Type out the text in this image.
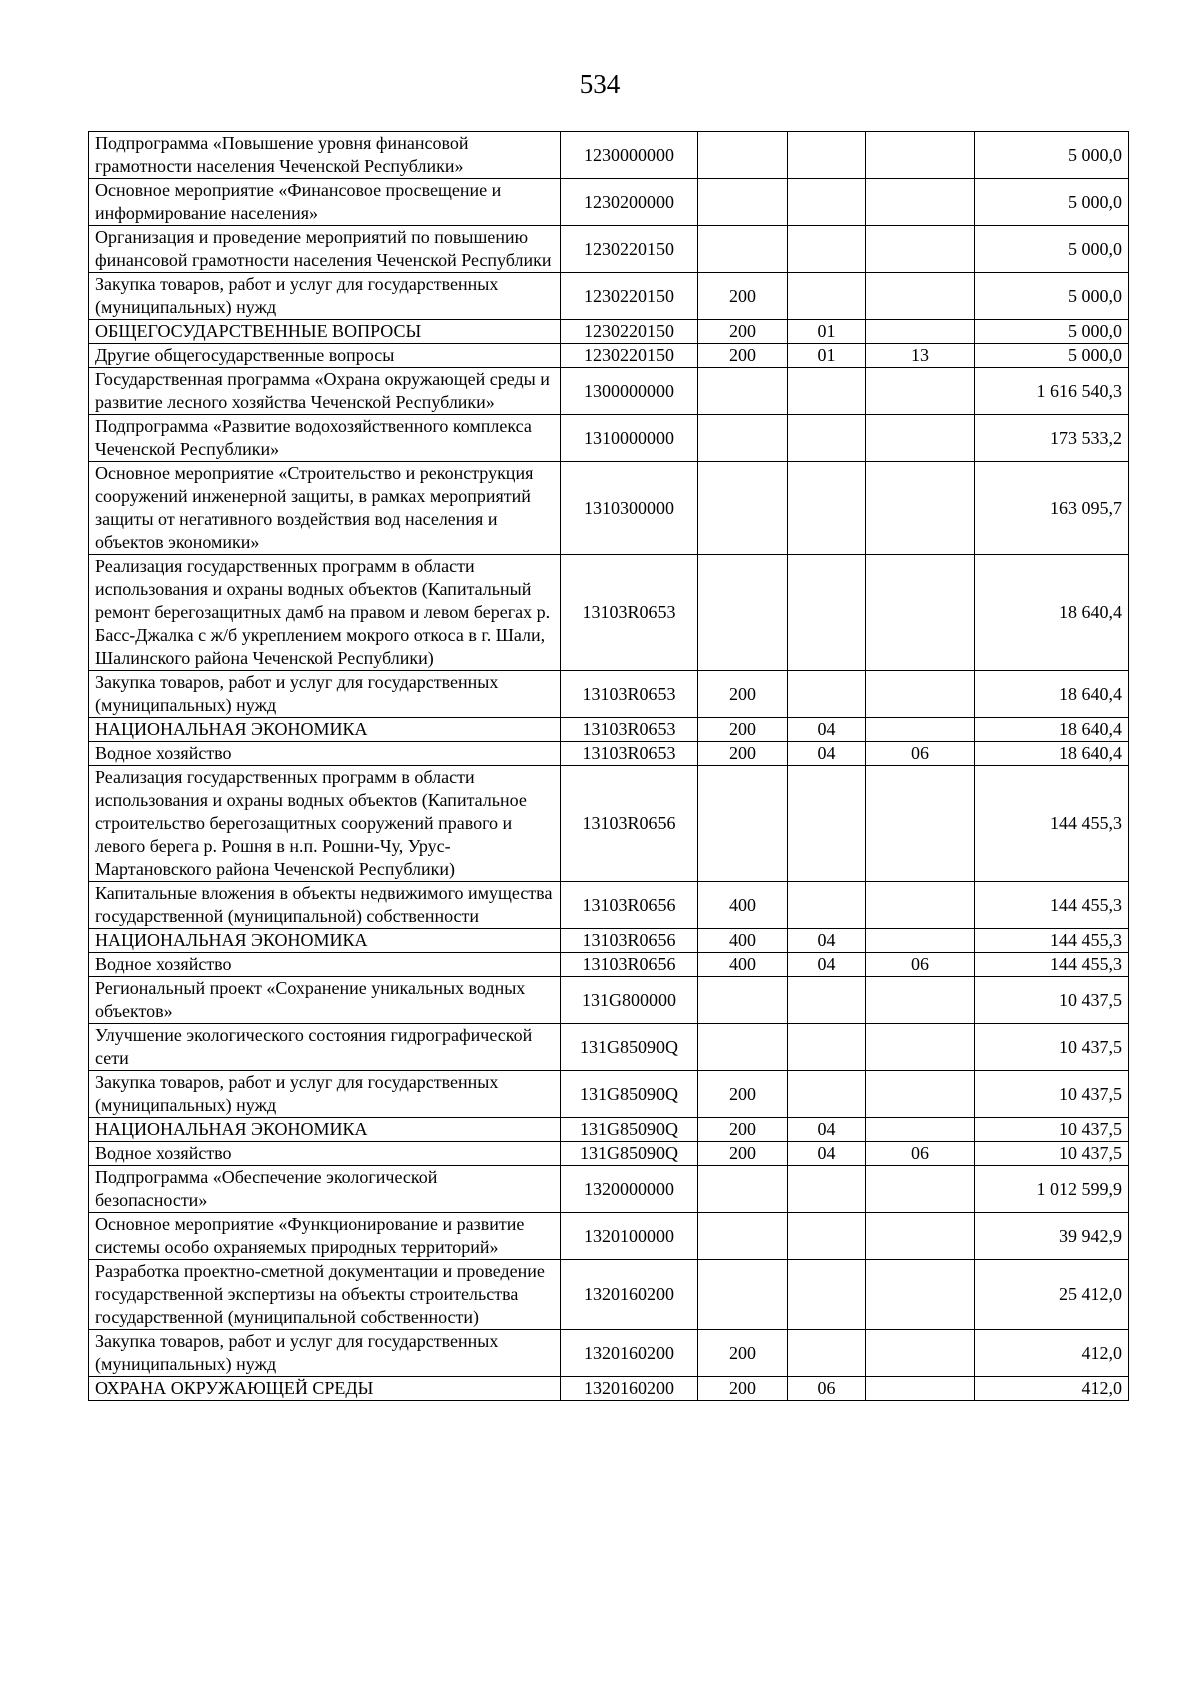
534
Подпрограмма «Повышение уровня финансовой грамотности населения Чеченской Республики»	1230000000				5 000,0
Основное мероприятие «Финансовое просвещение и информирование населения»	1230200000				5 000,0
Организация и проведение мероприятий по повышению финансовой грамотности населения Чеченской Республики	1230220150				5 000,0
Закупка товаров, работ и услуг для государственных (муниципальных) нужд	1230220150	200			5 000,0
ОБЩЕГОСУДАРСТВЕННЫЕ ВОПРОСЫ	1230220150	200	01		5 000,0
Другие общегосударственные вопросы	1230220150	200	01	13	5 000,0
Государственная программа «Охрана окружающей среды и развитие лесного хозяйства Чеченской Республики»	1300000000				1 616 540,3
Подпрограмма «Развитие водохозяйственного комплекса Чеченской Республики»	1310000000				173 533,2
Основное мероприятие «Строительство и реконструкция сооружений инженерной защиты, в рамках мероприятий защиты от негативного воздействия вод населения и объектов экономики»	1310300000				163 095,7
Реализация государственных программ в области использования и охраны водных объектов (Капитальный ремонт берегозащитных дамб на правом и левом берегах р. Басс-Джалка с ж/б укреплением мокрого откоса в г. Шали, Шалинского района Чеченской Республики)	13103R0653				18 640,4
Закупка товаров, работ и услуг для государственных (муниципальных) нужд	13103R0653	200			18 640,4
НАЦИОНАЛЬНАЯ ЭКОНОМИКА	13103R0653	200	04		18 640,4
Водное хозяйство	13103R0653	200	04	06	18 640,4
Реализация государственных программ в области использования и охраны водных объектов (Капитальное строительство берегозащитных сооружений правого и левого берега р. Рошня в н.п. Рошни-Чу, Урус-Мартановского района Чеченской Республики)	13103R0656				144 455,3
Капитальные вложения в объекты недвижимого имущества государственной (муниципальной) собственности	13103R0656	400			144 455,3
НАЦИОНАЛЬНАЯ ЭКОНОМИКА	13103R0656	400	04		144 455,3
Водное хозяйство	13103R0656	400	04	06	144 455,3
Региональный проект «Сохранение уникальных водных объектов»	131G800000				10 437,5
Улучшение экологического состояния гидрографической сети	131G85090Q				10 437,5
Закупка товаров, работ и услуг для государственных (муниципальных) нужд	131G85090Q	200			10 437,5
НАЦИОНАЛЬНАЯ ЭКОНОМИКА	131G85090Q	200	04		10 437,5
Водное хозяйство	131G85090Q	200	04	06	10 437,5
Подпрограмма «Обеспечение экологической безопасности»	1320000000				1 012 599,9
Основное мероприятие «Функционирование и развитие системы особо охраняемых природных территорий»	1320100000				39 942,9
Разработка проектно-сметной документации и проведение государственной экспертизы на объекты строительства государственной (муниципальной собственности)	1320160200				25 412,0
Закупка товаров, работ и услуг для государственных (муниципальных) нужд	1320160200	200			412,0
ОХРАНА ОКРУЖАЮЩЕЙ СРЕДЫ	1320160200	200	06		412,0
